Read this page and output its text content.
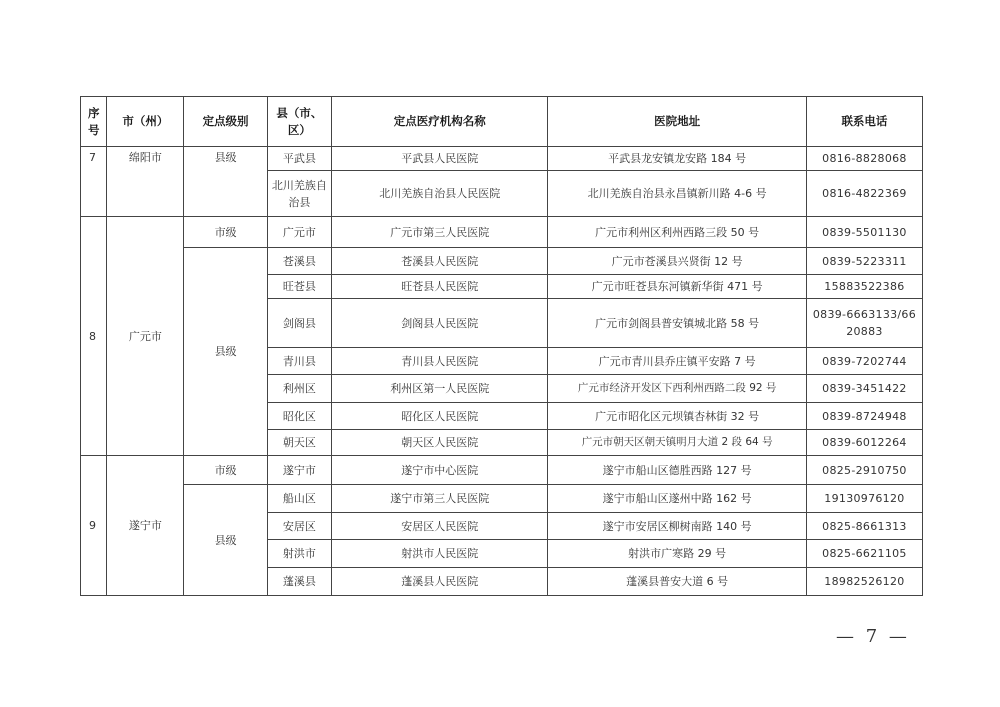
序号	市（州）	定点级别	县（市、区）	定点医疗机构名称	医院地址	联系电话
7	绵阳市	县级	平武县	平武县人民医院	平武县龙安镇龙安路 184 号	0816-8828068
			北川羌族自治县	北川羌族自治县人民医院	北川羌族自治县永昌镇新川路 4-6 号	0816-4822369
8	广元市	市级	广元市	广元市第三人民医院	广元市利州区利州西路三段 50 号	0839-5501130
		县级	苍溪县	苍溪县人民医院	广元市苍溪县兴贤街 12 号	0839-5223311
			旺苍县	旺苍县人民医院	广元市旺苍县东河镇新华街 471 号	15883522386
			剑阁县	剑阁县人民医院	广元市剑阁县普安镇城北路 58 号	0839-6663133/6620883
			青川县	青川县人民医院	广元市青川县乔庄镇平安路 7 号	0839-7202744
			利州区	利州区第一人民医院	广元市经济开发区下西利州西路二段 92 号	0839-3451422
			昭化区	昭化区人民医院	广元市昭化区元坝镇杏林街 32 号	0839-8724948
			朝天区	朝天区人民医院	广元市朝天区朝天镇明月大道 2 段 64 号	0839-6012264
9	遂宁市	市级	遂宁市	遂宁市中心医院	遂宁市船山区德胜西路 127 号	0825-2910750
		县级	船山区	遂宁市第三人民医院	遂宁市船山区遂州中路 162 号	19130976120
			安居区	安居区人民医院	遂宁市安居区柳树南路 140 号	0825-8661313
			射洪市	射洪市人民医院	射洪市广寒路 29 号	0825-6621105
			蓬溪县	蓬溪县人民医院	蓬溪县普安大道 6 号	18982526120
— 7 —
